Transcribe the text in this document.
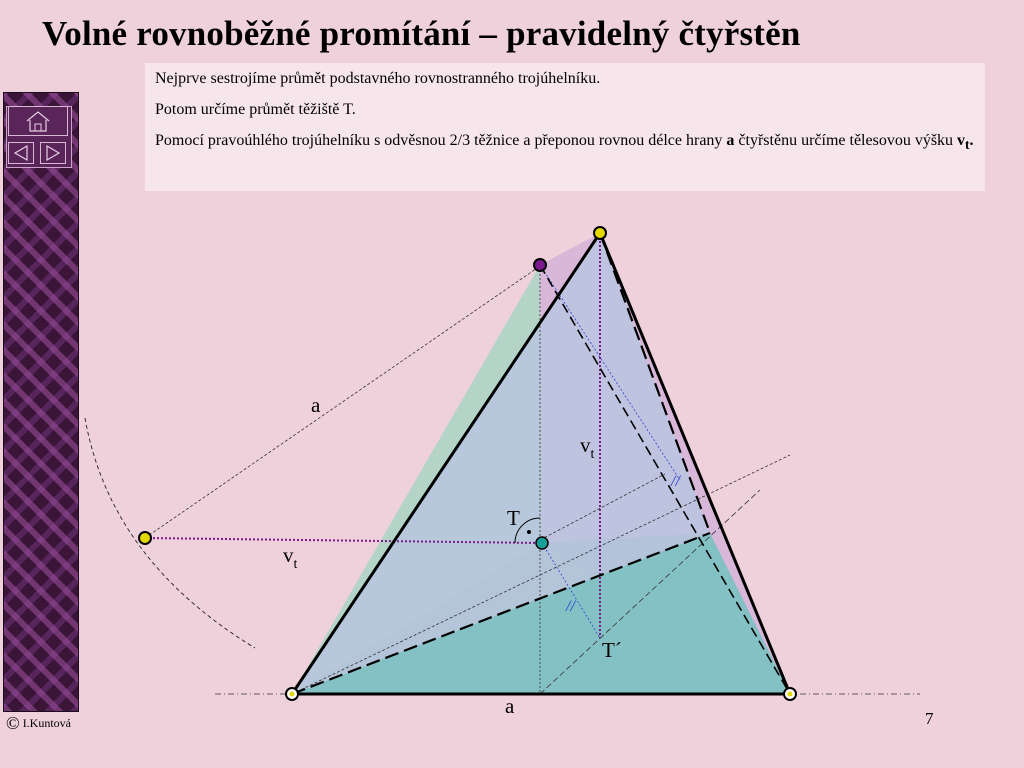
Volné rovnoběžné promítání – pravidelný čtyřstěn

Nejprve sestrojíme průmět podstavného rovnostranného trojúhelníku.

Potom určíme průmět těžiště T.

Pomocí pravoúhlého trojúhelníku s odvěsnou 2/3 těžnice a přeponou rovnou délce hrany a čtyřstěnu určíme tělesovou výšku $v_t$.

//
//
a
a
$v_t$
$v_t$
T
T´
© I.Kuntová	7
